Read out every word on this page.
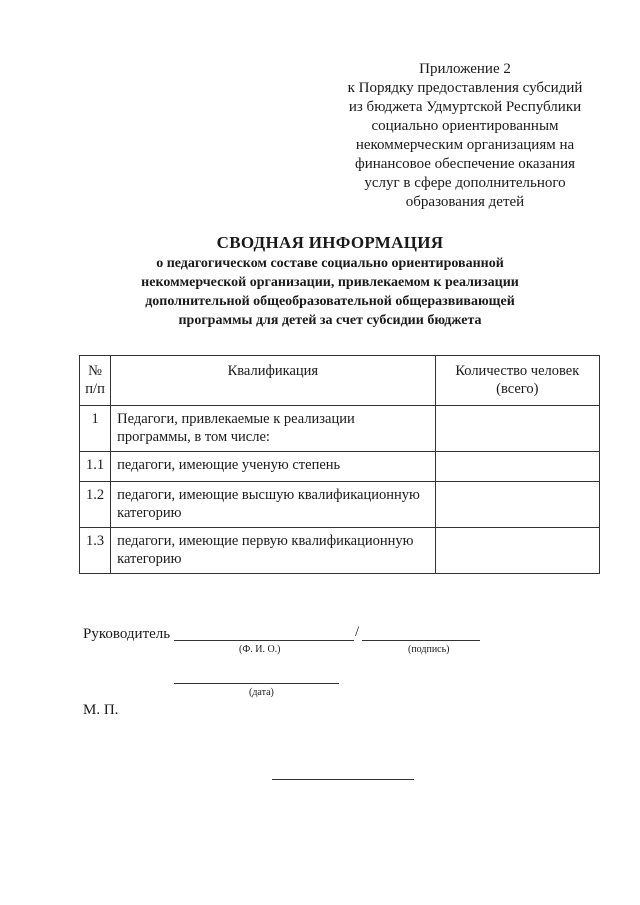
Приложение 2
к Порядку предоставления субсидий
из бюджета Удмуртской Республики
социально ориентированным
некоммерческим организациям на
финансовое обеспечение оказания
услуг в сфере дополнительного
образования детей
СВОДНАЯ ИНФОРМАЦИЯ
о педагогическом составе социально ориентированной
некоммерческой организации, привлекаемом к реализации
дополнительной общеобразовательной общеразвивающей
программы для детей за счет субсидии бюджета
№ п/п	Квалификация	Количество человек (всего)
1	Педагоги, привлекаемые к реализации программы, в том числе:	
1.1	педагоги, имеющие ученую степень	
1.2	педагоги, имеющие высшую квалификационную категорию	
1.3	педагоги, имеющие первую квалификационную категорию	
Руководитель	/
(Ф. И. О.)	(подпись)
(дата)
М. П.
